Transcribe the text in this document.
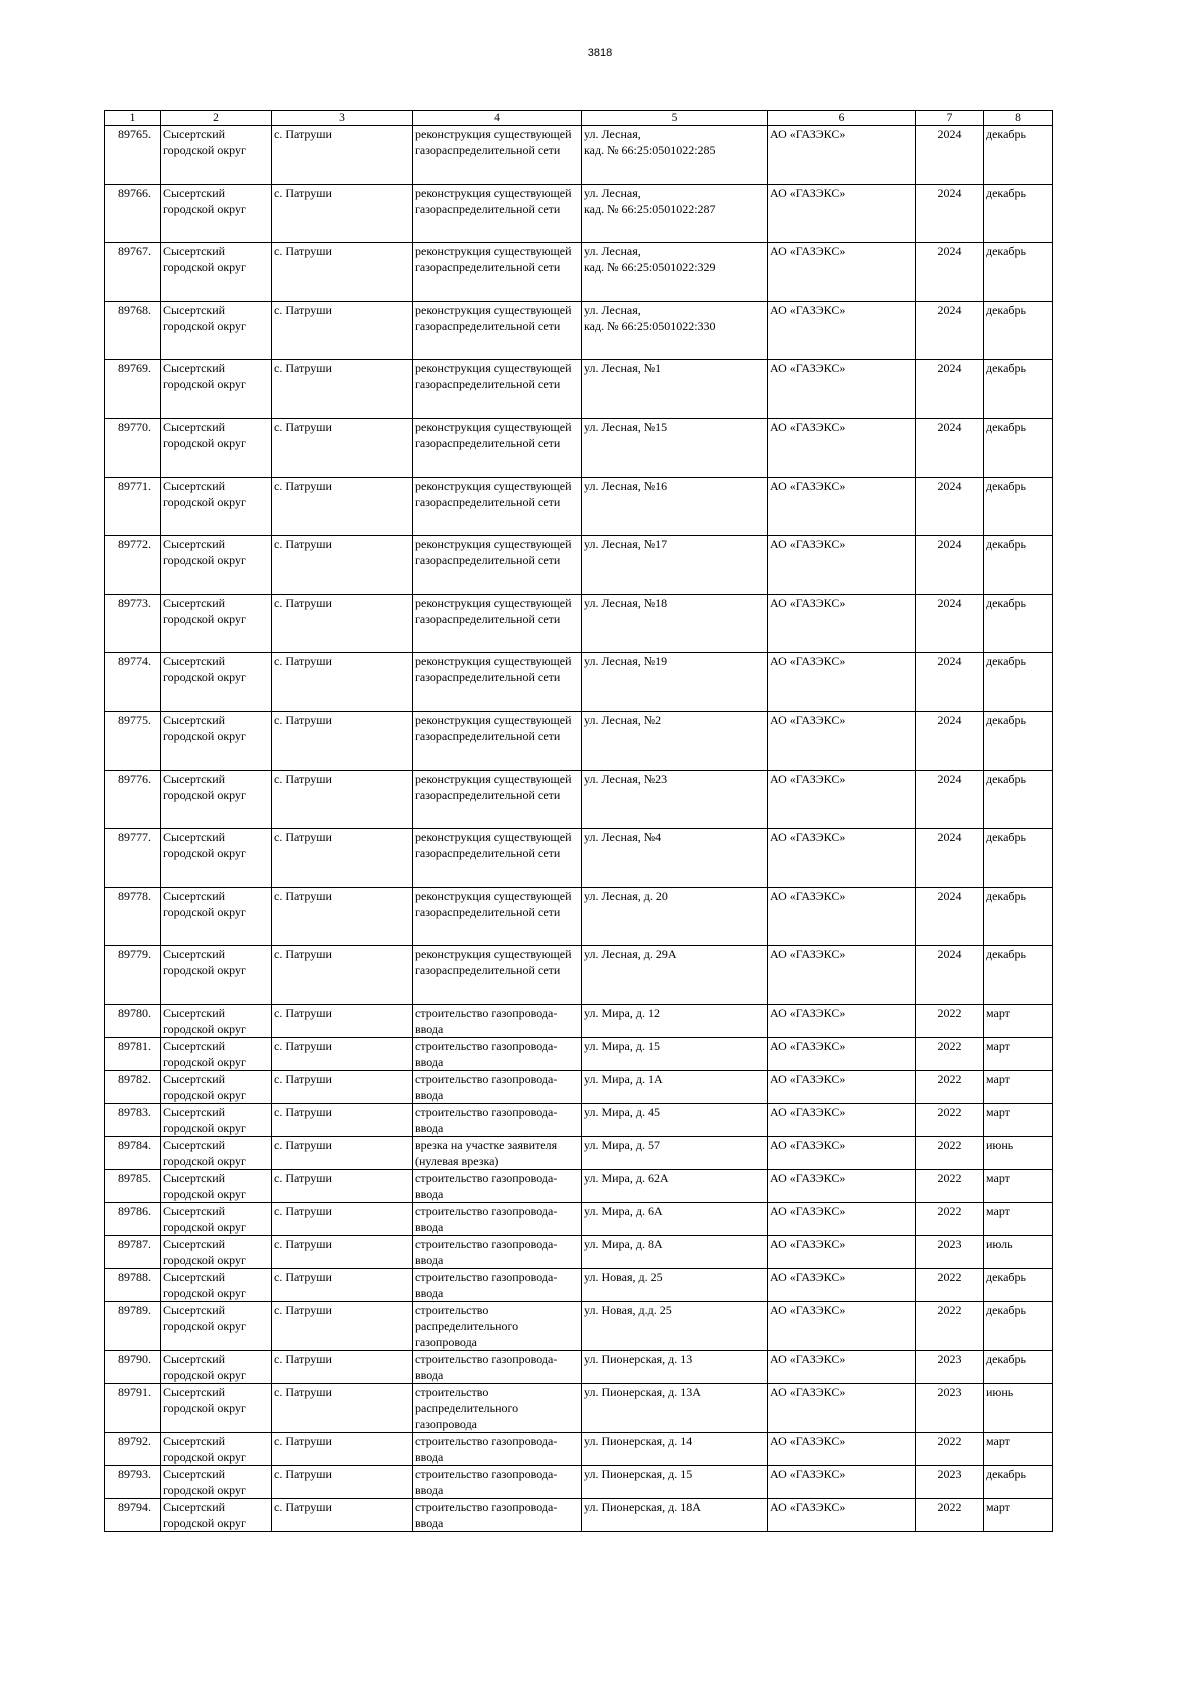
3818
1	2	3	4	5	6	7	8
89765.	Сысертский
городской округ	с. Патруши	реконструкция существующей
газораспределительной сети	ул. Лесная,
кад. № 66:25:0501022:285	АО «ГАЗЭКС»	2024	декабрь
89766.	Сысертский
городской округ	с. Патруши	реконструкция существующей
газораспределительной сети	ул. Лесная,
кад. № 66:25:0501022:287	АО «ГАЗЭКС»	2024	декабрь
89767.	Сысертский
городской округ	с. Патруши	реконструкция существующей
газораспределительной сети	ул. Лесная,
кад. № 66:25:0501022:329	АО «ГАЗЭКС»	2024	декабрь
89768.	Сысертский
городской округ	с. Патруши	реконструкция существующей
газораспределительной сети	ул. Лесная,
кад. № 66:25:0501022:330	АО «ГАЗЭКС»	2024	декабрь
89769.	Сысертский
городской округ	с. Патруши	реконструкция существующей
газораспределительной сети	ул. Лесная, №1	АО «ГАЗЭКС»	2024	декабрь
89770.	Сысертский
городской округ	с. Патруши	реконструкция существующей
газораспределительной сети	ул. Лесная, №15	АО «ГАЗЭКС»	2024	декабрь
89771.	Сысертский
городской округ	с. Патруши	реконструкция существующей
газораспределительной сети	ул. Лесная, №16	АО «ГАЗЭКС»	2024	декабрь
89772.	Сысертский
городской округ	с. Патруши	реконструкция существующей
газораспределительной сети	ул. Лесная, №17	АО «ГАЗЭКС»	2024	декабрь
89773.	Сысертский
городской округ	с. Патруши	реконструкция существующей
газораспределительной сети	ул. Лесная, №18	АО «ГАЗЭКС»	2024	декабрь
89774.	Сысертский
городской округ	с. Патруши	реконструкция существующей
газораспределительной сети	ул. Лесная, №19	АО «ГАЗЭКС»	2024	декабрь
89775.	Сысертский
городской округ	с. Патруши	реконструкция существующей
газораспределительной сети	ул. Лесная, №2	АО «ГАЗЭКС»	2024	декабрь
89776.	Сысертский
городской округ	с. Патруши	реконструкция существующей
газораспределительной сети	ул. Лесная, №23	АО «ГАЗЭКС»	2024	декабрь
89777.	Сысертский
городской округ	с. Патруши	реконструкция существующей
газораспределительной сети	ул. Лесная, №4	АО «ГАЗЭКС»	2024	декабрь
89778.	Сысертский
городской округ	с. Патруши	реконструкция существующей
газораспределительной сети	ул. Лесная, д. 20	АО «ГАЗЭКС»	2024	декабрь
89779.	Сысертский
городской округ	с. Патруши	реконструкция существующей
газораспределительной сети	ул. Лесная, д. 29А	АО «ГАЗЭКС»	2024	декабрь
89780.	Сысертский
городской округ	с. Патруши	строительство газопровода-
ввода	ул. Мира, д. 12	АО «ГАЗЭКС»	2022	март
89781.	Сысертский
городской округ	с. Патруши	строительство газопровода-
ввода	ул. Мира, д. 15	АО «ГАЗЭКС»	2022	март
89782.	Сысертский
городской округ	с. Патруши	строительство газопровода-
ввода	ул. Мира, д. 1А	АО «ГАЗЭКС»	2022	март
89783.	Сысертский
городской округ	с. Патруши	строительство газопровода-
ввода	ул. Мира, д. 45	АО «ГАЗЭКС»	2022	март
89784.	Сысертский
городской округ	с. Патруши	врезка на участке заявителя
(нулевая врезка)	ул. Мира, д. 57	АО «ГАЗЭКС»	2022	июнь
89785.	Сысертский
городской округ	с. Патруши	строительство газопровода-
ввода	ул. Мира, д. 62А	АО «ГАЗЭКС»	2022	март
89786.	Сысертский
городской округ	с. Патруши	строительство газопровода-
ввода	ул. Мира, д. 6А	АО «ГАЗЭКС»	2022	март
89787.	Сысертский
городской округ	с. Патруши	строительство газопровода-
ввода	ул. Мира, д. 8А	АО «ГАЗЭКС»	2023	июль
89788.	Сысертский
городской округ	с. Патруши	строительство газопровода-
ввода	ул. Новая, д. 25	АО «ГАЗЭКС»	2022	декабрь
89789.	Сысертский
городской округ	с. Патруши	строительство
распределительного
газопровода	ул. Новая, д.д. 25	АО «ГАЗЭКС»	2022	декабрь
89790.	Сысертский
городской округ	с. Патруши	строительство газопровода-
ввода	ул. Пионерская, д. 13	АО «ГАЗЭКС»	2023	декабрь
89791.	Сысертский
городской округ	с. Патруши	строительство
распределительного
газопровода	ул. Пионерская, д. 13А	АО «ГАЗЭКС»	2023	июнь
89792.	Сысертский
городской округ	с. Патруши	строительство газопровода-
ввода	ул. Пионерская, д. 14	АО «ГАЗЭКС»	2022	март
89793.	Сысертский
городской округ	с. Патруши	строительство газопровода-
ввода	ул. Пионерская, д. 15	АО «ГАЗЭКС»	2023	декабрь
89794.	Сысертский
городской округ	с. Патруши	строительство газопровода-
ввода	ул. Пионерская, д. 18А	АО «ГАЗЭКС»	2022	март
